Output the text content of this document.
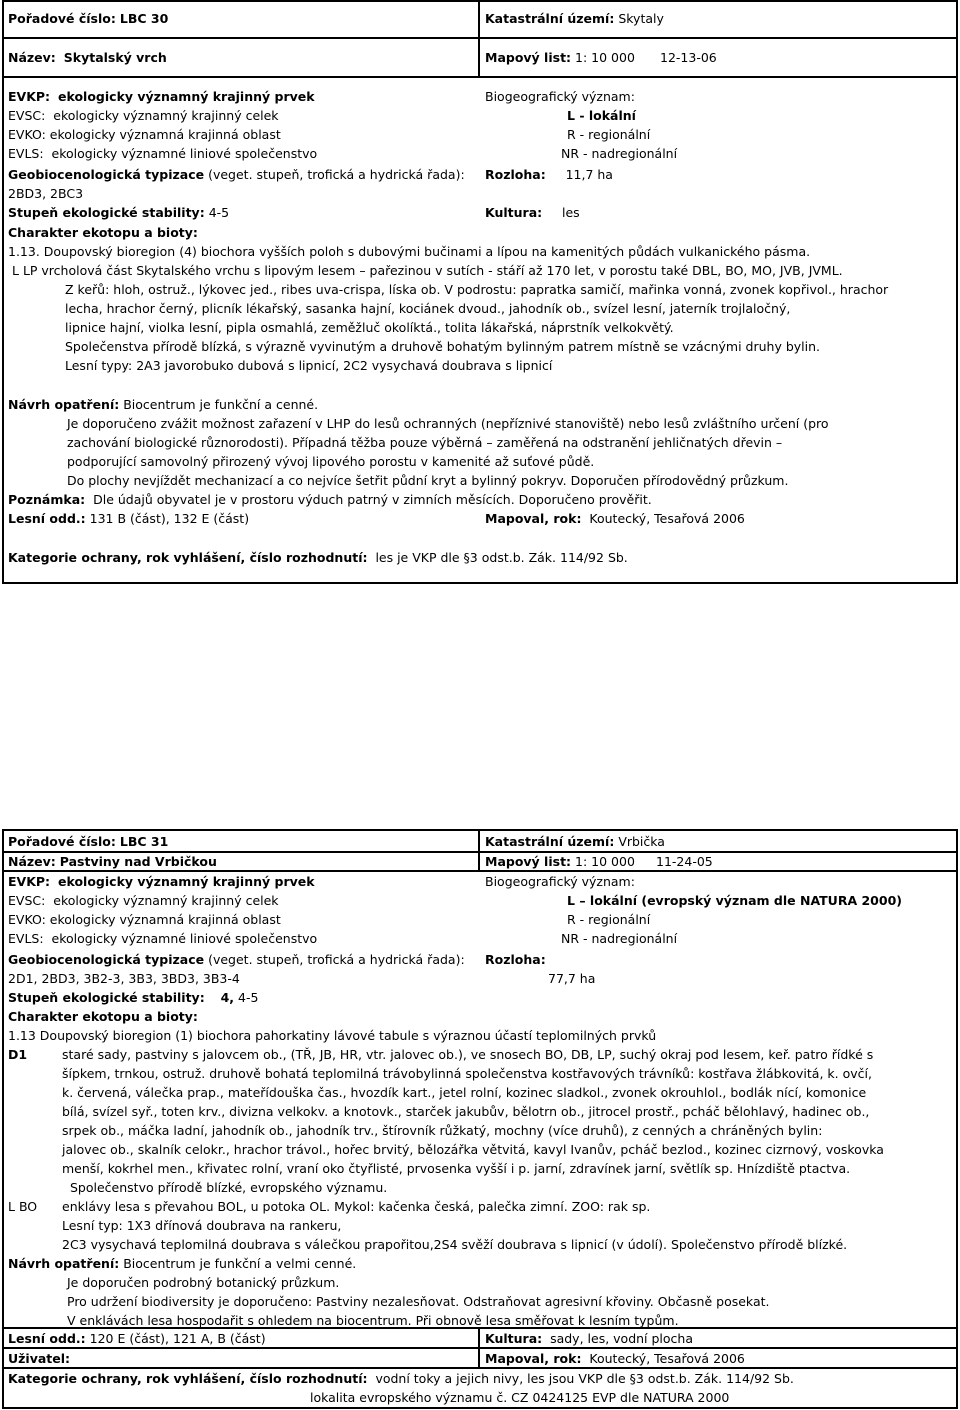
Pořadové číslo: LBC 30	Katastrální území: Skytaly
Název: Skytalský vrch	Mapový list: 1: 10 000 12-13-06
EVKP: ekologicky významný krajinný prvek
EVSC: ekologicky významný krajinný celek
EVKO: ekologicky významná krajinná oblast
EVLS: ekologicky významné liniové společenstvo
Biogeografický význam:
L - lokální
R - regionální
NR - nadregionální
Geobiocenologická typizace (veget. stupeň, trofická a hydrická řada): Rozloha: 11,7 ha
2BD3, 2BC3
Stupeň ekologické stability: 4-5	Kultura: les
Charakter ekotopu a bioty:
1.13. Doupovský bioregion (4) biochora vyšších poloh s dubovými bučinami a lípou na kamenitých půdách vulkanického pásma.
L LP vrcholová část Skytalského vrchu s lipovým lesem – pařezinou v sutích - stáří až 170 let, v porostu také DBL, BO, MO, JVB, JVML.
Z keřů: hloh, ostruž., lýkovec jed., ribes uva-crispa, líska ob. V podrostu: papratka samičí, mařinka vonná, zvonek kopřivol., hrachor
lecha, hrachor černý, plicník lékařský, sasanka hajní, kociánek dvoud., jahodník ob., svízel lesní, jaterník trojlaločný,
lipnice hajní, violka lesní, pipla osmahlá, zeměžluč okolíktá., tolita lákařská, náprstník velkokvětý.
Společenstva přírodě blízká, s výrazně vyvinutým a druhově bohatým bylinným patrem místně se vzácnými druhy bylin.
Lesní typy: 2A3 javorobuko dubová s lipnicí, 2C2 vysychavá doubrava s lipnicí
Návrh opatření: Biocentrum je funkční a cenné.
Je doporučeno zvážit možnost zařazení v LHP do lesů ochranných (nepříznivé stanoviště) nebo lesů zvláštního určení (pro
zachování biologické různorodosti). Případná těžba pouze výběrná – zaměřená na odstranění jehličnatých dřevin –
podporující samovolný přirozený vývoj lipového porostu v kamenité až suťové půdě.
Do plochy nevjíždět mechanizací a co nejvíce šetřit půdní kryt a bylinný pokryv. Doporučen přírodovědný průzkum.
Poznámka: Dle údajů obyvatel je v prostoru výduch patrný v zimních měsících. Doporučeno prověřit.
Lesní odd.: 131 B (část), 132 E (část)	Mapoval, rok: Koutecký, Tesařová 2006
Kategorie ochrany, rok vyhlášení, číslo rozhodnutí: les je VKP dle §3 odst.b. Zák. 114/92 Sb.
Pořadové číslo: LBC 31	Katastrální území: Vrbička
Název: Pastviny nad Vrbičkou	Mapový list: 1: 10 000 11-24-05
EVKP: ekologicky významný krajinný prvek
EVSC: ekologicky významný krajinný celek
EVKO: ekologicky významná krajinná oblast
EVLS: ekologicky významné liniové společenstvo
Biogeografický význam:
L – lokální (evropský význam dle NATURA 2000)
R - regionální
NR - nadregionální
Geobiocenologická typizace (veget. stupeň, trofická a hydrická řada): Rozloha:
2D1, 2BD3, 3B2-3, 3B3, 3BD3, 3B3-4	77,7 ha
Stupeň ekologické stability: 4, 4-5
Charakter ekotopu a bioty:
1.13 Doupovský bioregion (1) biochora pahorkatiny lávové tabule s výraznou účastí teplomilných prvků
D1	staré sady, pastviny s jalovcem ob., (TŘ, JB, HR, vtr. jalovec ob.), ve snosech BO, DB, LP, suchý okraj pod lesem, keř. patro řídké s
šípkem, trnkou, ostruž. druhově bohatá teplomilná trávobylinná společenstva kostřavových trávníků: kostřava žlábkovitá, k. ovčí,
k. červená, válečka prap., mateřídouška čas., hvozdík kart., jetel rolní, kozinec sladkol., zvonek okrouhlol., bodlák nící, komonice
bílá, svízel syř., toten krv., divizna velkokv. a knotovk., starček jakubův, bělotrn ob., jitrocel prostř., pcháč bělohlavý, hadinec ob.,
srpek ob., máčka ladní, jahodník ob., jahodník trv., štírovník růžkatý, mochny (více druhů), z cenných a chráněných bylin:
jalovec ob., skalník celokr., hrachor trávol., hořec brvitý, bělozářka větvitá, kavyl Ivanův, pcháč bezlod., kozinec cizrnový, voskovka
menší, kokrhel men., křivatec rolní, vraní oko čtyřlisté, prvosenka vyšší i p. jarní, zdravínek jarní, světlík sp. Hnízdiště ptactva.
Společenstvo přírodě blízké, evropského významu.
L BO enklávy lesa s převahou BOL, u potoka OL. Mykol: kačenka česká, palečka zimní. ZOO: rak sp.
Lesní typ: 1X3 dřínová doubrava na rankeru,
2C3 vysychavá teplomilná doubrava s válečkou prapořitou,2S4 svěží doubrava s lipnicí (v údolí). Společenstvo přírodě blízké.
Návrh opatření: Biocentrum je funkční a velmi cenné.
Je doporučen podrobný botanický průzkum.
Pro udržení biodiversity je doporučeno: Pastviny nezalesňovat. Odstraňovat agresivní křoviny. Občasně posekat.
V enklávách lesa hospodařit s ohledem na biocentrum. Při obnově lesa směřovat k lesním typům.
Lesní odd.: 120 E (část), 121 A, B (část)	Kultura: sady, les, vodní plocha
Uživatel:	Mapoval, rok: Koutecký, Tesařová 2006
Kategorie ochrany, rok vyhlášení, číslo rozhodnutí: vodní toky a jejich nivy, les jsou VKP dle §3 odst.b. Zák. 114/92 Sb.
lokalita evropského významu č. CZ 0424125 EVP dle NATURA 2000
